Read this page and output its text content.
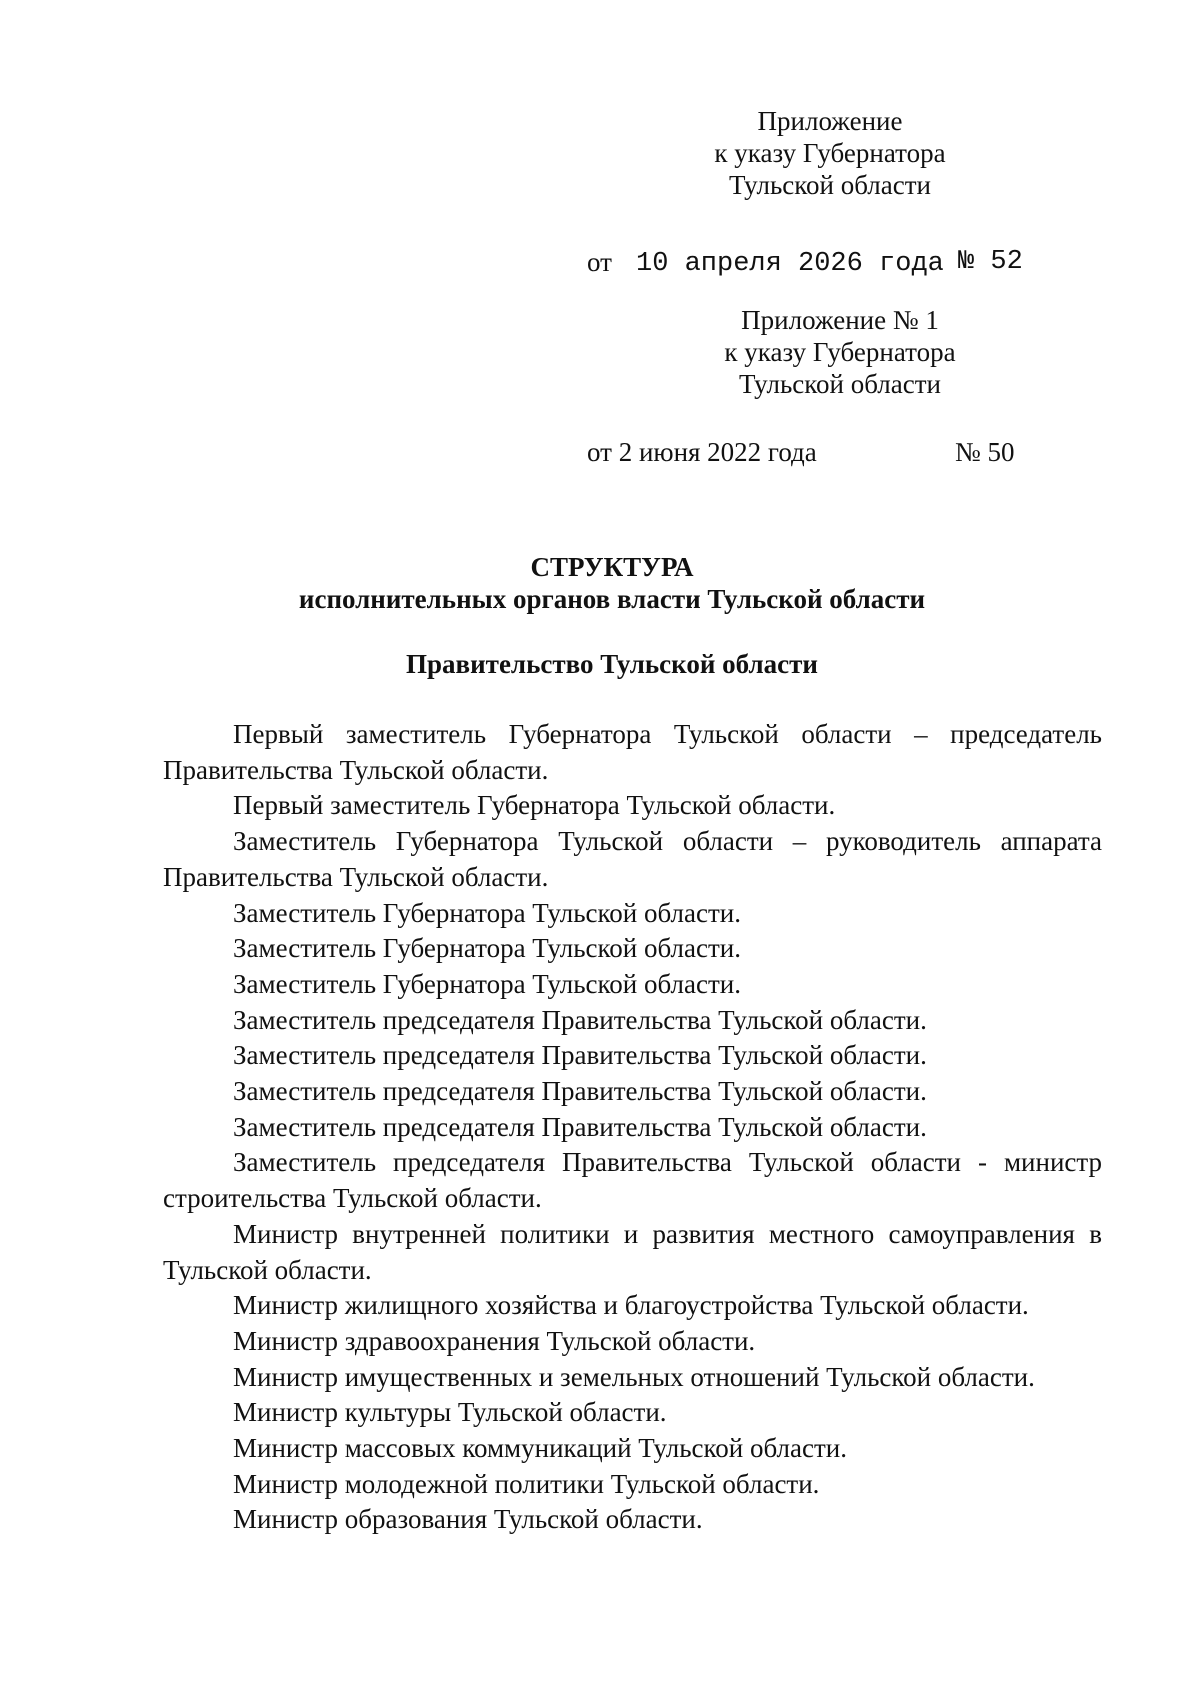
Приложение
к указу Губернатора
Тульской области
от 10 апреля 2026 года № 52
Приложение № 1
к указу Губернатора
Тульской области
от 2 июня 2022 года	№ 50
СТРУКТУРА
исполнительных органов власти Тульской области
Правительство Тульской области

Первый заместитель Губернатора Тульской области – председатель Правительства Тульской области.

Первый заместитель Губернатора Тульской области.

Заместитель Губернатора Тульской области – руководитель аппарата Правительства Тульской области.

Заместитель Губернатора Тульской области.

Заместитель Губернатора Тульской области.

Заместитель Губернатора Тульской области.

Заместитель председателя Правительства Тульской области.

Заместитель председателя Правительства Тульской области.

Заместитель председателя Правительства Тульской области.

Заместитель председателя Правительства Тульской области.

Заместитель председателя Правительства Тульской области - министр строительства Тульской области.

Министр внутренней политики и развития местного самоуправления в Тульской области.

Министр жилищного хозяйства и благоустройства Тульской области.

Министр здравоохранения Тульской области.

Министр имущественных и земельных отношений Тульской области.

Министр культуры Тульской области.

Министр массовых коммуникаций Тульской области.

Министр молодежной политики Тульской области.

Министр образования Тульской области.
